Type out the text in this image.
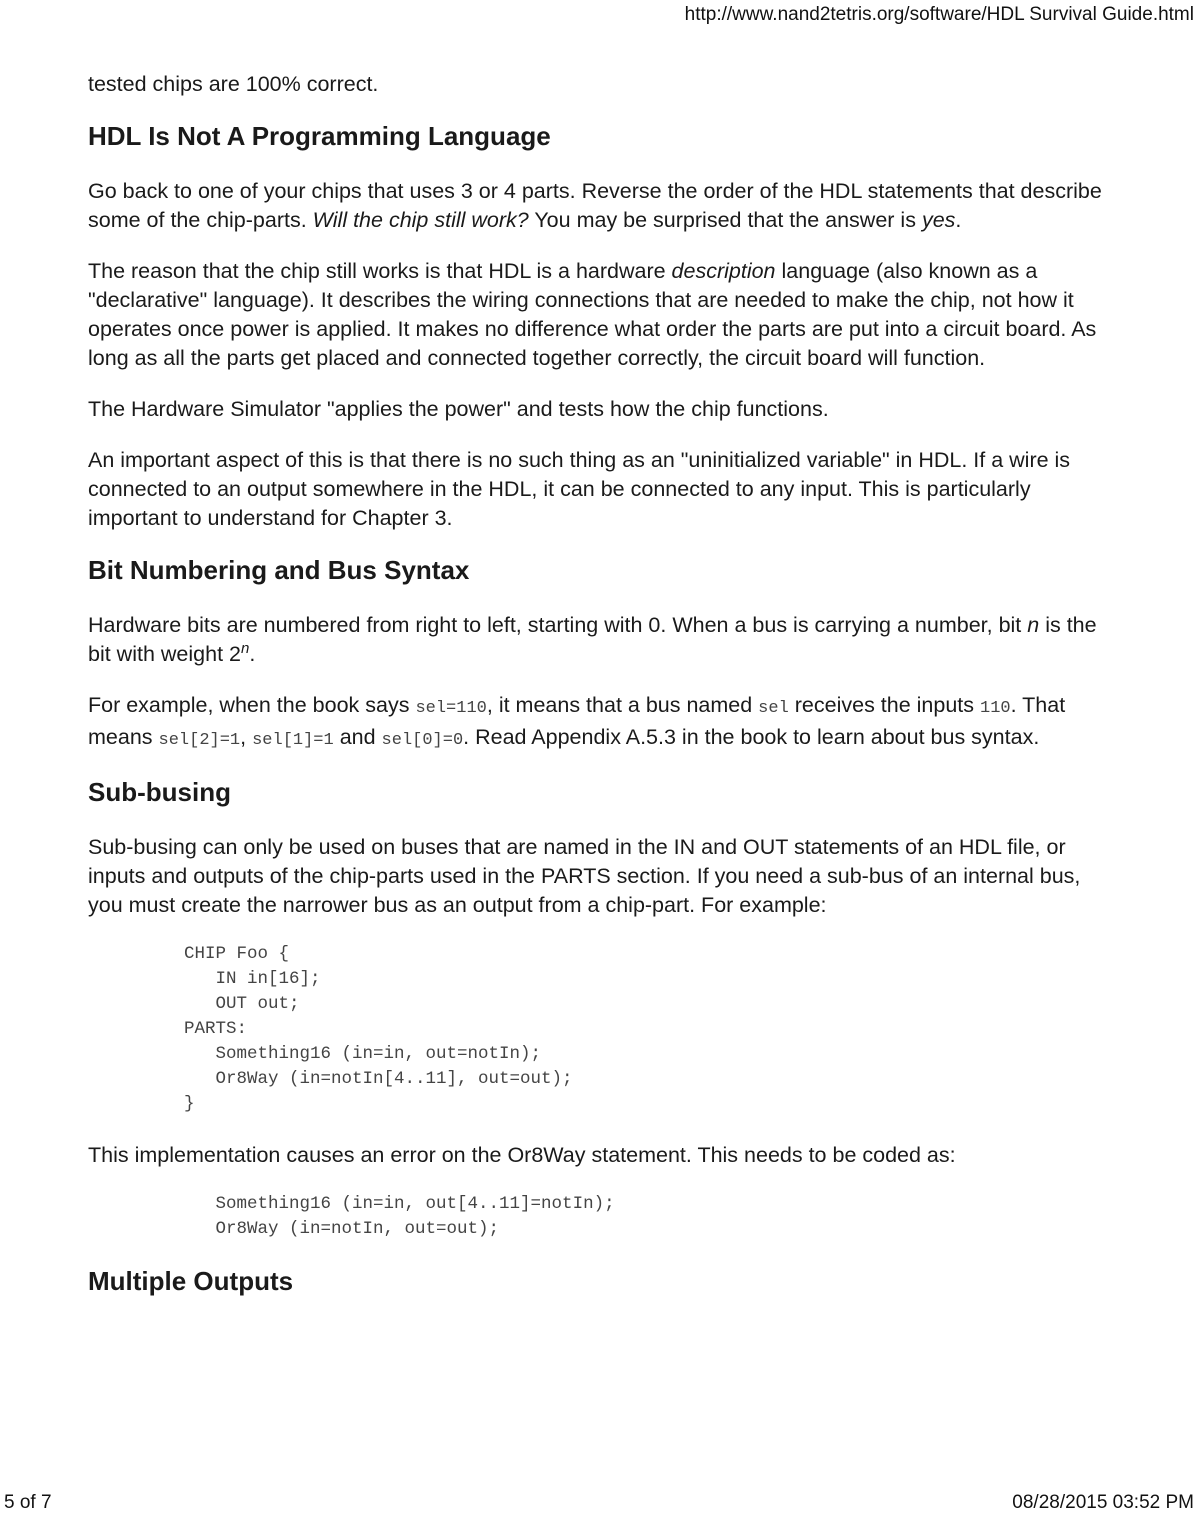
http://www.nand2tetris.org/software/HDL Survival Guide.html

tested chips are 100% correct.

HDL Is Not A Programming Language

Go back to one of your chips that uses 3 or 4 parts. Reverse the order of the HDL statements that describe some of the chip-parts. Will the chip still work? You may be surprised that the answer is yes.

The reason that the chip still works is that HDL is a hardware description language (also known as a "declarative" language). It describes the wiring connections that are needed to make the chip, not how it operates once power is applied. It makes no difference what order the parts are put into a circuit board. As long as all the parts get placed and connected together correctly, the circuit board will function.

The Hardware Simulator "applies the power" and tests how the chip functions.

An important aspect of this is that there is no such thing as an "uninitialized variable" in HDL. If a wire is connected to an output somewhere in the HDL, it can be connected to any input. This is particularly important to understand for Chapter 3.

Bit Numbering and Bus Syntax

Hardware bits are numbered from right to left, starting with 0. When a bus is carrying a number, bit n is the bit with weight 2$^n$.

For example, when the book says sel=110, it means that a bus named sel receives the inputs 110. That means sel[2]=1, sel[1]=1 and sel[0]=0. Read Appendix A.5.3 in the book to learn about bus syntax.

Sub-busing

Sub-busing can only be used on buses that are named in the IN and OUT statements of an HDL file, or inputs and outputs of the chip-parts used in the PARTS section. If you need a sub-bus of an internal bus, you must create the narrower bus as an output from a chip-part. For example:

CHIP Foo {
IN in[16];
OUT out;
PARTS:
Something16 (in=in, out=notIn);
Or8Way (in=notIn[4..11], out=out);
}

This implementation causes an error on the Or8Way statement. This needs to be coded as:

Something16 (in=in, out[4..11]=notIn);
Or8Way (in=notIn, out=out);
Multiple Outputs
5 of 7	08/28/2015 03:52 PM
